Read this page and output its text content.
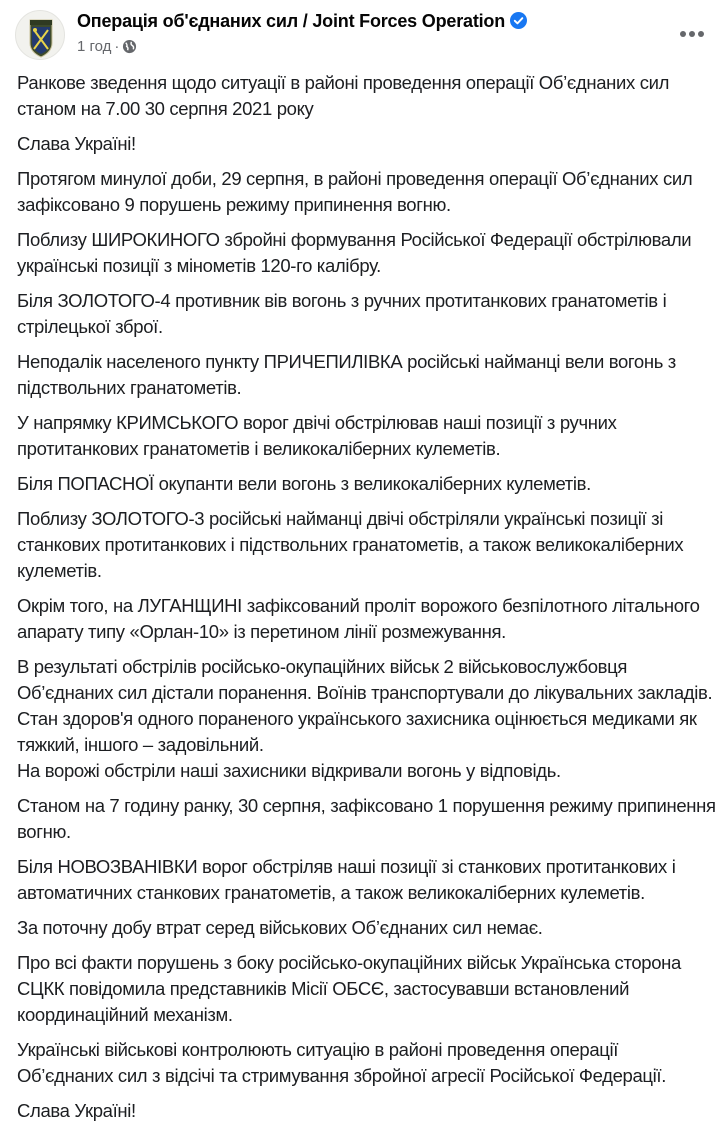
Операція об'єднаних сил / Joint Forces Operation
1 год ·

Ранкове зведення щодо ситуації в районі проведення операції Об’єднаних сил станом на 7.00 30 серпня 2021 року

Слава Україні!

Протягом минулої доби, 29 серпня, в районі проведення операції Об’єднаних сил зафіксовано 9 порушень режиму припинення вогню.

Поблизу ШИРОКИНОГО збройні формування Російської Федерації обстрілювали українські позиції з мінометів 120-го калібру.

Біля ЗОЛОТОГО-4 противник вів вогонь з ручних протитанкових гранатометів і стрілецької зброї.

Неподалік населеного пункту ПРИЧЕПИЛІВКА російські найманці вели вогонь з підствольних гранатометів.

У напрямку КРИМСЬКОГО ворог двічі обстрілював наші позиції з ручних протитанкових гранатометів і великокаліберних кулеметів.

Біля ПОПАСНОЇ окупанти вели вогонь з великокаліберних кулеметів.

Поблизу ЗОЛОТОГО-3 російські найманці двічі обстріляли українські позиції зі станкових протитанкових і підствольних гранатометів, а також великокаліберних кулеметів.

Окрім того, на ЛУГАНЩИНІ зафіксований проліт ворожого безпілотного літального апарату типу «Орлан-10» із перетином лінії розмежування.

В результаті обстрілів російсько-окупаційних військ 2 військовослужбовця Об’єднаних сил дістали поранення. Воїнів транспортували до лікувальних закладів. Стан здоров'я одного пораненого українського захисника оцінюється медиками як тяжкий, іншого – задовільний.

На ворожі обстріли наші захисники відкривали вогонь у відповідь.

Станом на 7 годину ранку, 30 серпня, зафіксовано 1 порушення режиму припинення вогню.

Біля НОВОЗВАНІВКИ ворог обстріляв наші позиції зі станкових протитанкових і автоматичних станкових гранатометів, а також великокаліберних кулеметів.

За поточну добу втрат серед військових Об’єднаних сил немає.

Про всі факти порушень з боку російсько-окупаційних військ Українська сторона СЦКК повідомила представників Місії ОБСЄ, застосувавши встановлений координаційний механізм.

Українські військові контролюють ситуацію в районі проведення операції Об’єднаних сил з відсічі та стримування збройної агресії Російської Федерації.

Слава Україні!
